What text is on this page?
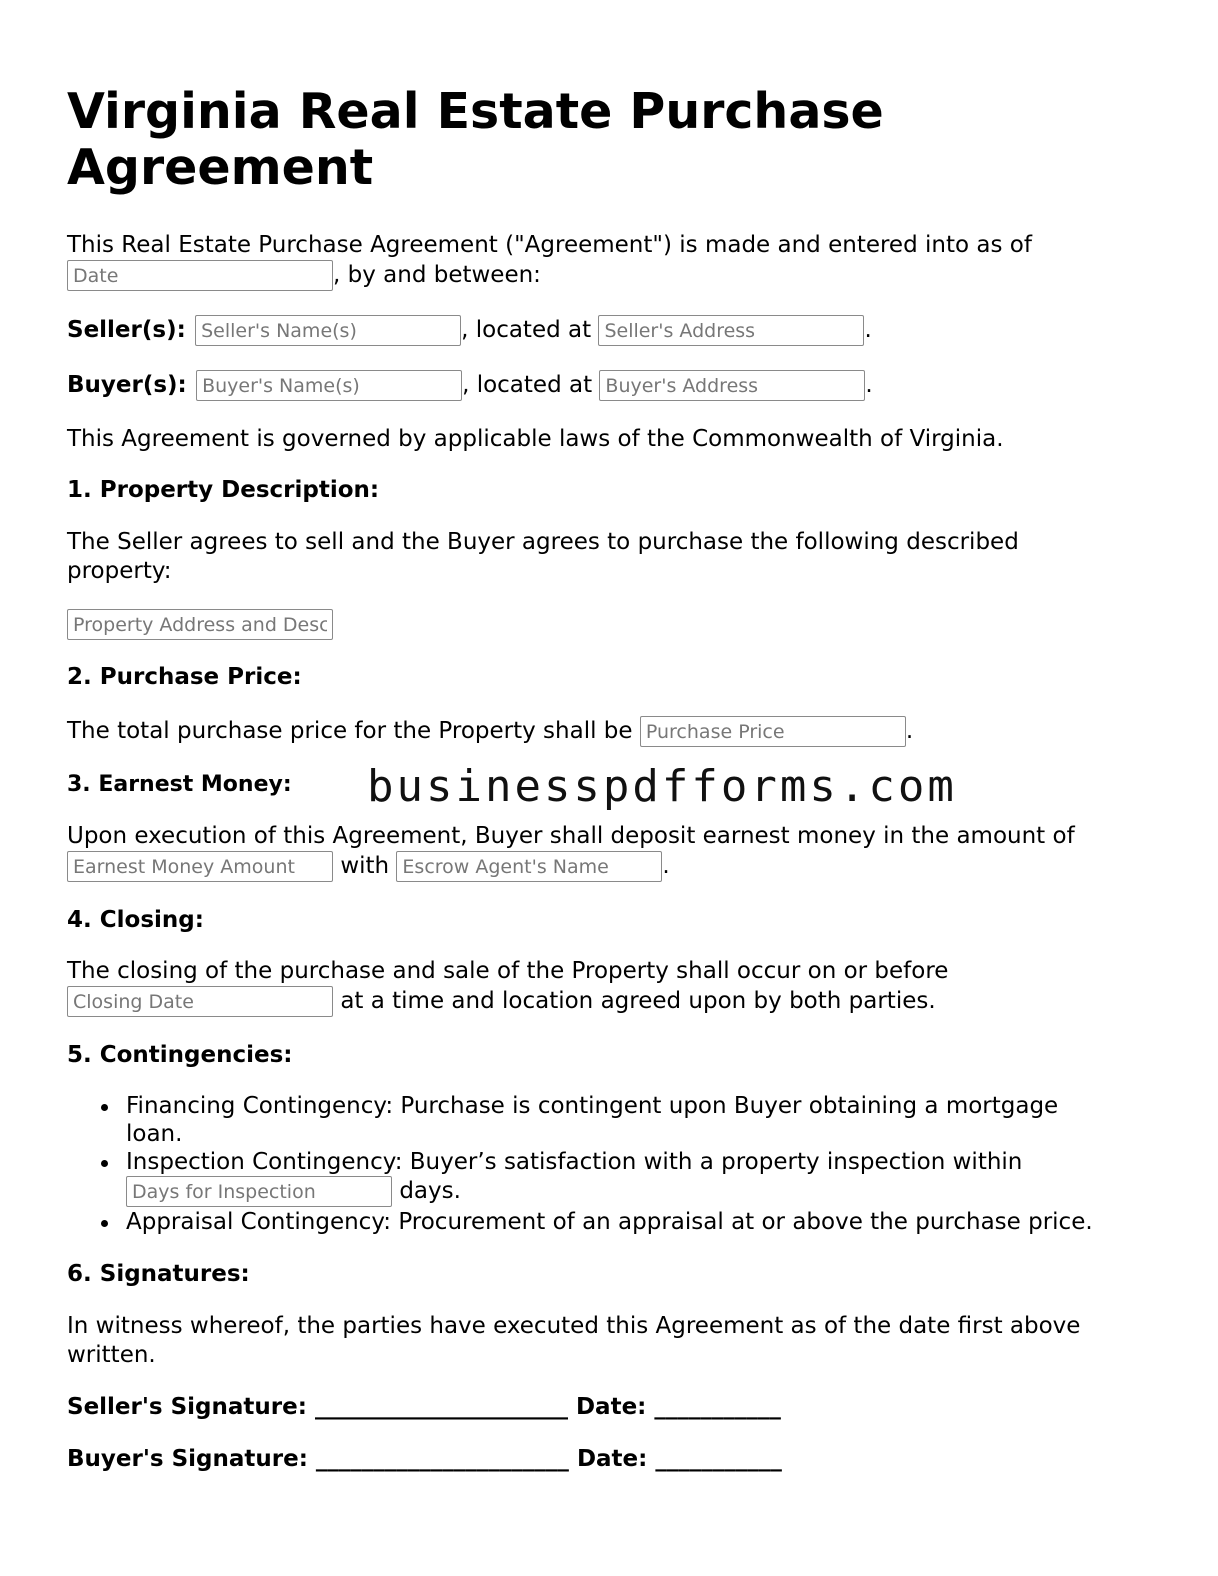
Virginia Real Estate Purchase Agreement
This Real Estate Purchase Agreement ("Agreement") is made and entered into as of
Date, by and between:
Seller(s): Seller's Name(s)	, located at Seller's Address	.
Buyer(s): Buyer's Name(s)	, located at Buyer's Address	.
This Agreement is governed by applicable laws of the Commonwealth of Virginia.
1. Property Description:
The Seller agrees to sell and the Buyer agrees to purchase the following described
property:
Property Address and Description
2. Purchase Price:
The total purchase price for the Property shall be Purchase Price	.
3. Earnest Money: businesspdfforms.com
Upon execution of this Agreement, Buyer shall deposit earnest money in the amount of
Earnest Money Amount with Escrow Agent's Name	.
4. Closing:
The closing of the purchase and sale of the Property shall occur on or before
Closing Date at a time and location agreed upon by both parties.
5. Contingencies:
Financing Contingency: Purchase is contingent upon Buyer obtaining a mortgage
loan.
Inspection Contingency: Buyer’s satisfaction with a property inspection within
Days for Inspection days.
Appraisal Contingency: Procurement of an appraisal at or above the purchase price.
6. Signatures:
In witness whereof, the parties have executed this Agreement as of the date first above
written.
Seller's Signature: ______________________ Date: ___________
Buyer's Signature: ______________________ Date: ___________
